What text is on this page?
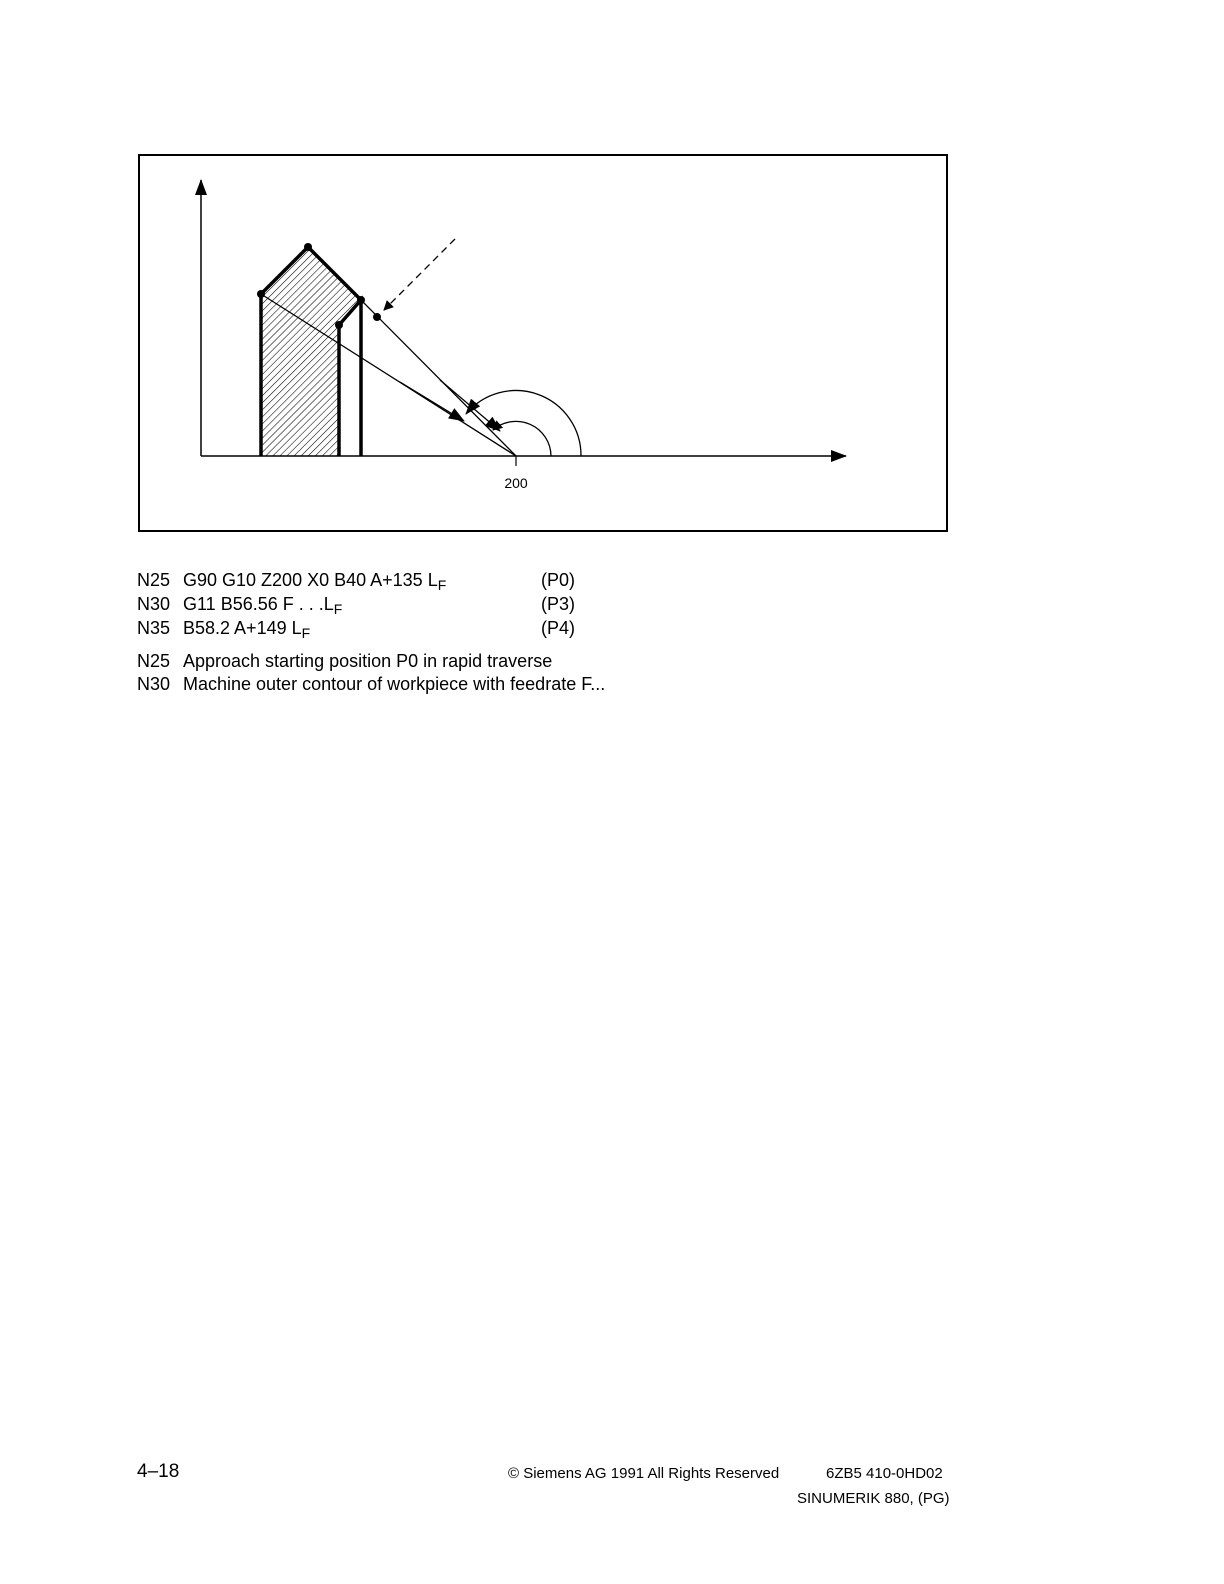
200
N25 G90 G10 Z200 X0 B40 A+135 $L_F$	(P0)
N30 G11 B56.56 F . . $.L_F$	(P3)
N35 B58.2 A+149 $L_F$	(P4)
N25 Approach starting position P0 in rapid traverse
N30 Machine outer contour of workpiece with feedrate F...
4–18	© Siemens AG 1991 All Rights Reserved	6ZB5 410-0HD02
SINUMERIK 880, (PG)
